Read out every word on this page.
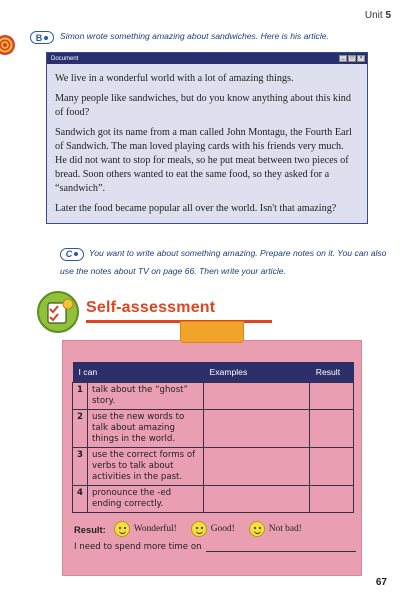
Unit 5
B	Simon wrote something amazing about sandwiches. Here is his article.
Document	_	□	×

We live in a wonderful world with a lot of amazing things.

Many people like sandwiches, but do you know anything about this kind of food?

Sandwich got its name from a man called John Montagu, the Fourth Earl of Sandwich. The man loved playing cards with his friends very much. He did not want to stop for meals, so he put meat between two pieces of bread. Soon others wanted to eat the same food, so they asked for a “sandwich”.

Later the food became popular all over the world. Isn't that amazing?

C You want to write about something amazing. Prepare notes on it. You can also use the notes about TV on page 66. Then write your article.
Self-assessment
I can		Examples	Result
1	talk about the “ghost” story.		
2	use the new words to talk about amazing things in the world.		
3	use the correct forms of verbs to talk about activities in the past.		
4	pronounce the -ed ending correctly.		
Result:	Wonderful!	Good!	Not bad!
I need to spend more time on
67
